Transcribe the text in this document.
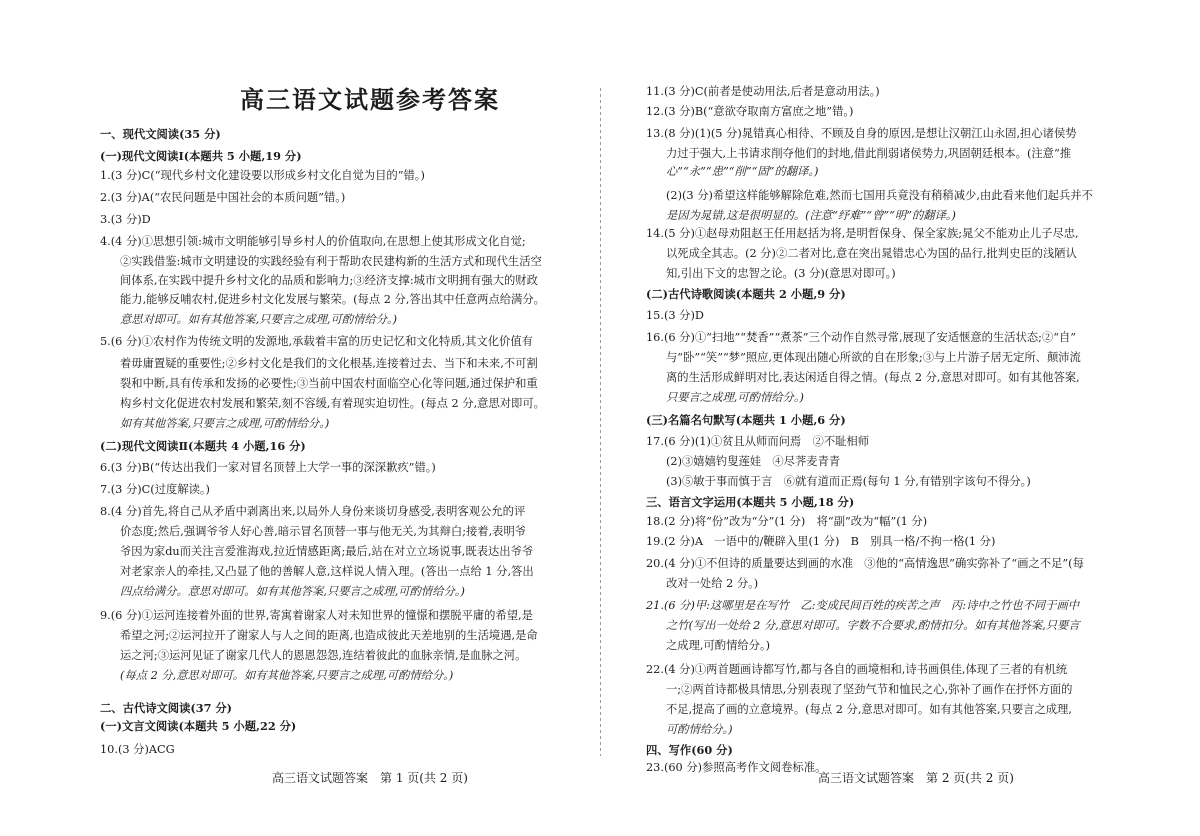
高三语文试题参考答案
一、现代文阅读(35 分)
(一)现代文阅读Ⅰ(本题共 5 小题,19 分)
1.(3 分)C(“现代乡村文化建设要以形成乡村文化自觉为目的”错。)
2.(3 分)A(“农民问题是中国社会的本质问题”错。)
3.(3 分)D
4.(4 分)①思想引领:城市文明能够引导乡村人的价值取向,在思想上使其形成文化自觉;
②实践借鉴:城市文明建设的实践经验有利于帮助农民建构新的生活方式和现代生活空
间体系,在实践中提升乡村文化的品质和影响力;③经济支撑:城市文明拥有强大的财政
能力,能够反哺农村,促进乡村文化发展与繁荣。(每点 2 分,答出其中任意两点给满分。
意思对即可。如有其他答案,只要言之成理,可酌情给分。)
5.(6 分)①农村作为传统文明的发源地,承载着丰富的历史记忆和文化特质,其文化价值有
着毋庸置疑的重要性;②乡村文化是我们的文化根基,连接着过去、当下和未来,不可割
裂和中断,具有传承和发扬的必要性;③当前中国农村面临空心化等问题,通过保护和重
构乡村文化促进农村发展和繁荣,刻不容缓,有着现实迫切性。(每点 2 分,意思对即可。
如有其他答案,只要言之成理,可酌情给分。)
(二)现代文阅读Ⅱ(本题共 4 小题,16 分)
6.(3 分)B(“传达出我们一家对冒名顶替上大学一事的深深歉疚”错。)
7.(3 分)C(过度解读。)
8.(4 分)首先,将自己从矛盾中剥离出来,以局外人身份来谈切身感受,表明客观公允的评
价态度;然后,强调爷爷人好心善,暗示冒名顶替一事与他无关,为其辩白;接着,表明爷
爷因为家du而关注言爱淮海戏,拉近情感距离;最后,站在对立立场说事,既表达出爷爷
对老家亲人的牵挂,又凸显了他的善解人意,这样说人情入理。(答出一点给 1 分,答出
四点给满分。意思对即可。如有其他答案,只要言之成理,可酌情给分。)
9.(6 分)①运河连接着外面的世界,寄寓着谢家人对未知世界的憧憬和摆脱平庸的希望,是
希望之河;②运河拉开了谢家人与人之间的距离,也造成彼此天差地别的生活境遇,是命
运之河;③运河见证了谢家几代人的恩恩怨怨,连结着彼此的血脉亲情,是血脉之河。
(每点 2 分,意思对即可。如有其他答案,只要言之成理,可酌情给分。)
二、古代诗文阅读(37 分)
(一)文言文阅读(本题共 5 小题,22 分)
10.(3 分)ACG
11.(3 分)C(前者是使动用法,后者是意动用法。)
12.(3 分)B(“意欲夺取南方富庶之地”错。)
13.(8 分)(1)(5 分)晁错真心相待、不顾及自身的原因,是想让汉朝江山永固,担心诸侯势
力过于强大,上书请求削夺他们的封地,借此削弱诸侯势力,巩固朝廷根本。(注意“推
心”“永”“患”“削”“固”的翻译。)
(2)(3 分)希望这样能够解除危难,然而七国用兵竟没有稍稍减少,由此看来他们起兵并不
是因为晁错,这是很明显的。(注意“纾难”“曾”“明”的翻译。)
14.(5 分)①赵母劝阻赵王任用赵括为将,是明哲保身、保全家族;晁父不能劝止儿子尽忠,
以死成全其志。(2 分)②二者对比,意在突出晁错忠心为国的品行,批判史臣的浅陋认
知,引出下文的忠智之论。(3 分)(意思对即可。)
(二)古代诗歌阅读(本题共 2 小题,9 分)
15.(3 分)D
16.(6 分)①“扫地”“焚香”“煮茶”三个动作自然寻常,展现了安适惬意的生活状态;②“自”
与“卧”“笑”“梦”照应,更体现出随心所欲的自在形象;③与上片游子居无定所、颠沛流
离的生活形成鲜明对比,表达闲适自得之情。(每点 2 分,意思对即可。如有其他答案,
只要言之成理,可酌情给分。)
(三)名篇名句默写(本题共 1 小题,6 分)
17.(6 分)(1)①贫且从师而问焉　②不耻相师
(2)③嬉嬉钓叟莲娃　④尽荠麦青青
(3)⑤敏于事而慎于言　⑥就有道而正焉(每句 1 分,有错别字该句不得分。)
三、语言文字运用(本题共 5 小题,18 分)
18.(2 分)将“份”改为“分”(1 分)　将“副”改为“幅”(1 分)
19.(2 分)A　一语中的/鞭辟入里(1 分)　B　别具一格/不拘一格(1 分)
20.(4 分)①不但诗的质量要达到画的水准　③他的“高情逸思”确实弥补了“画之不足”(每
改对一处给 2 分。)
21.(6 分)甲:这哪里是在写竹　乙:变成民间百姓的疾苦之声　丙:诗中之竹也不同于画中
之竹(写出一处给 2 分,意思对即可。字数不合要求,酌情扣分。如有其他答案,只要言
之成理,可酌情给分。)
22.(4 分)①两首题画诗都写竹,都与各自的画境相和,诗书画俱佳,体现了三者的有机统
一;②两首诗都极具情思,分别表现了坚劲气节和恤民之心,弥补了画作在抒怀方面的
不足,提高了画的立意境界。(每点 2 分,意思对即可。如有其他答案,只要言之成理,
可酌情给分。)
四、写作(60 分)
23.(60 分)参照高考作文阅卷标准。
高三语文试题答案　第 1 页(共 2 页)	高三语文试题答案　第 2 页(共 2 页)
